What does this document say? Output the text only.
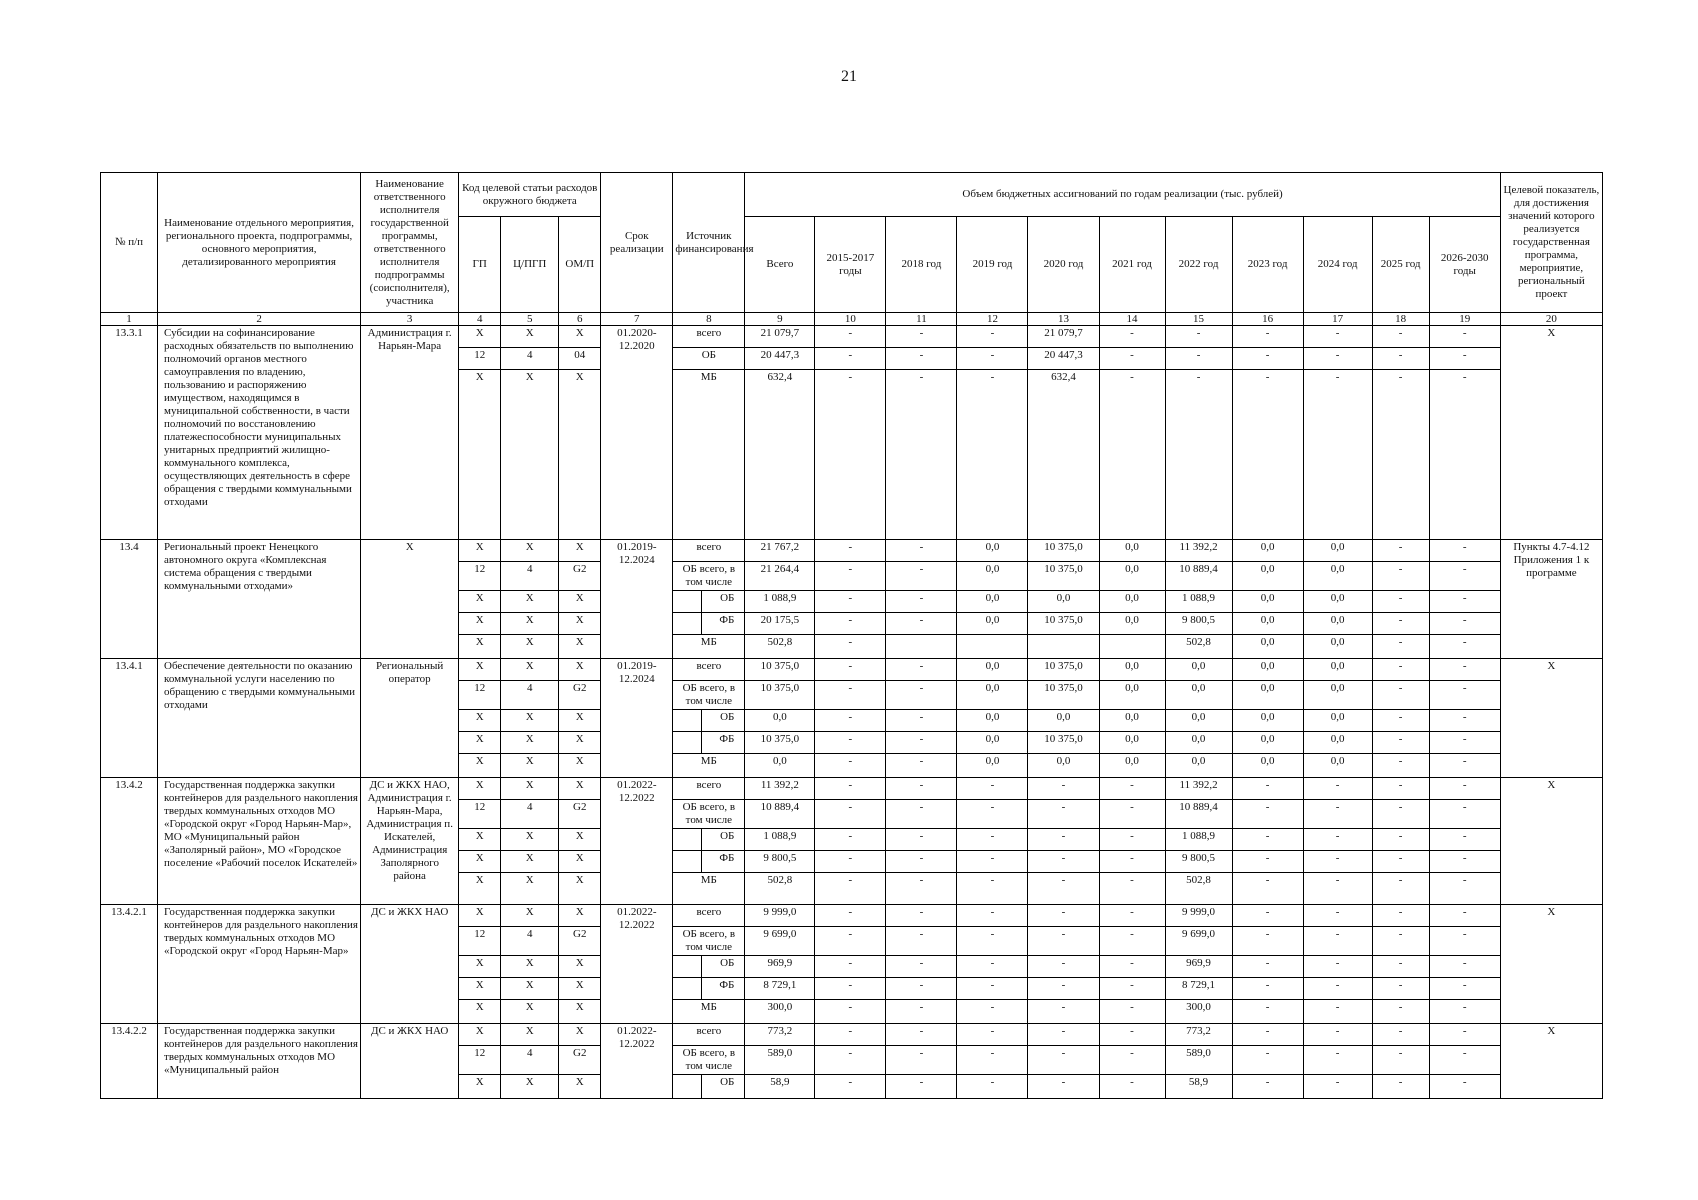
21
№ п/п	Наименование отдельного мероприятия, регионального проекта, подпрограммы, основного мероприятия, детализированного мероприятия	Наименование ответственного исполнителя государственной программы, ответственного исполнителя подпрограммы (соисполнителя), участника	Код целевой статьи расходов окружного бюджета			Срок реализации	Источник финансирования		Объем бюджетных ассигнований по годам реализации (тыс. рублей)											Целевой показатель, для достижения значений которого реализуется государственная программа, мероприятие, региональный проект
			ГП	Ц/ПГП	ОМ/П				Всего	2015-2017 годы	2018 год	2019 год	2020 год	2021 год	2022 год	2023 год	2024 год	2025 год	2026-2030 годы	
1	2	3	4	5	6	7	8		9	10	11	12	13	14	15	16	17	18	19	20
13.3.1	Субсидии на софинансирование расходных обязательств по выполнению полномочий органов местного самоуправления по владению, пользованию и распоряжению имуществом, находящимся в муниципальной собственности, в части полномочий по восстановлению платежеспособности муниципальных унитарных предприятий жилищно-коммунального комплекса, осуществляющих деятельность в сфере обращения с твердыми коммунальными отходами	Администрация г. Нарьян-Мара	X	X	X	01.2020-12.2020	всего		21 079,7	-	-	-	21 079,7	-	-	-	-	-	-	X
			12	4	04		ОБ		20 447,3	-	-	-	20 447,3	-	-	-	-	-	-	
			X	X	X		МБ		632,4	-	-	-	632,4	-	-	-	-	-	-	
13.4	Региональный проект Ненецкого автономного округа «Комплексная система обращения с твердыми коммунальными отходами»	X	X	X	X	01.2019-12.2024	всего		21 767,2	-	-	0,0	10 375,0	0,0	11 392,2	0,0	0,0	-	-	Пункты 4.7-4.12 Приложения 1 к программе
			12	4	G2		ОБ всего, в том числе		21 264,4	-	-	0,0	10 375,0	0,0	10 889,4	0,0	0,0	-	-	
			X	X	X			ОБ	1 088,9	-	-	0,0	0,0	0,0	1 088,9	0,0	0,0	-	-	
			X	X	X			ФБ	20 175,5	-	-	0,0	10 375,0	0,0	9 800,5	0,0	0,0	-	-	
			X	X	X		МБ		502,8	-					502,8	0,0	0,0	-	-	
13.4.1	Обеспечение деятельности по оказанию коммунальной услуги населению по обращению с твердыми коммунальными отходами	Региональный оператор	X	X	X	01.2019-12.2024	всего		10 375,0	-	-	0,0	10 375,0	0,0	0,0	0,0	0,0	-	-	X
			12	4	G2		ОБ всего, в том числе		10 375,0	-	-	0,0	10 375,0	0,0	0,0	0,0	0,0	-	-	
			X	X	X			ОБ	0,0	-	-	0,0	0,0	0,0	0,0	0,0	0,0	-	-	
			X	X	X			ФБ	10 375,0	-	-	0,0	10 375,0	0,0	0,0	0,0	0,0	-	-	
			X	X	X		МБ		0,0	-	-	0,0	0,0	0,0	0,0	0,0	0,0	-	-	
13.4.2	Государственная поддержка закупки контейнеров для раздельного накопления твердых коммунальных отходов МО «Городской округ «Город Нарьян-Мар», МО «Муниципальный район «Заполярный район», МО «Городское поселение «Рабочий поселок Искателей»	ДС и ЖКХ НАО, Администрация г. Нарьян-Мара, Администрация п. Искателей, Администрация Заполярного района	X	X	X	01.2022-12.2022	всего		11 392,2	-	-	-	-	-	11 392,2	-	-	-	-	X
			12	4	G2		ОБ всего, в том числе		10 889,4	-	-	-	-	-	10 889,4	-	-	-	-	
			X	X	X			ОБ	1 088,9	-	-	-	-	-	1 088,9	-	-	-	-	
			X	X	X			ФБ	9 800,5	-	-	-	-	-	9 800,5	-	-	-	-	
			X	X	X		МБ		502,8	-	-	-	-	-	502,8	-	-	-	-	
13.4.2.1	Государственная поддержка закупки контейнеров для раздельного накопления твердых коммунальных отходов МО «Городской округ «Город Нарьян-Мар»	ДС и ЖКХ НАО	X	X	X	01.2022-12.2022	всего		9 999,0	-	-	-	-	-	9 999,0	-	-	-	-	X
			12	4	G2		ОБ всего, в том числе		9 699,0	-	-	-	-	-	9 699,0	-	-	-	-	
			X	X	X			ОБ	969,9	-	-	-	-	-	969,9	-	-	-	-	
			X	X	X			ФБ	8 729,1	-	-	-	-	-	8 729,1	-	-	-	-	
			X	X	X		МБ		300,0	-	-	-	-	-	300,0	-	-	-	-	
13.4.2.2	Государственная поддержка закупки контейнеров для раздельного накопления твердых коммунальных отходов МО «Муниципальный район	ДС и ЖКХ НАО	X	X	X	01.2022-12.2022	всего		773,2	-	-	-	-	-	773,2	-	-	-	-	X
			12	4	G2		ОБ всего, в том числе		589,0	-	-	-	-	-	589,0	-	-	-	-	
			X	X	X			ОБ	58,9	-	-	-	-	-	58,9	-	-	-	-	
